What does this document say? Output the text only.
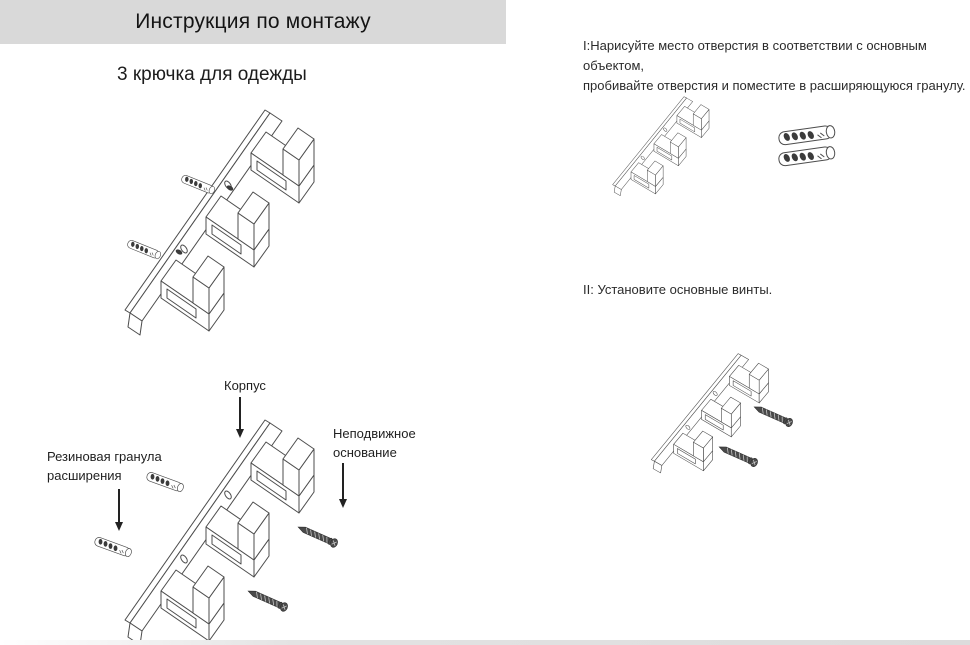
Инструкция по монтажу
3 крючка для одежды
Корпус
Резиновая гранула
расширения
Неподвижное
основание
I:Нарисуйте место отверстия в соответствии с основным объектом,
пробивайте отверстия и поместите в расширяющуюся гранулу.
II: Установите основные винты.
